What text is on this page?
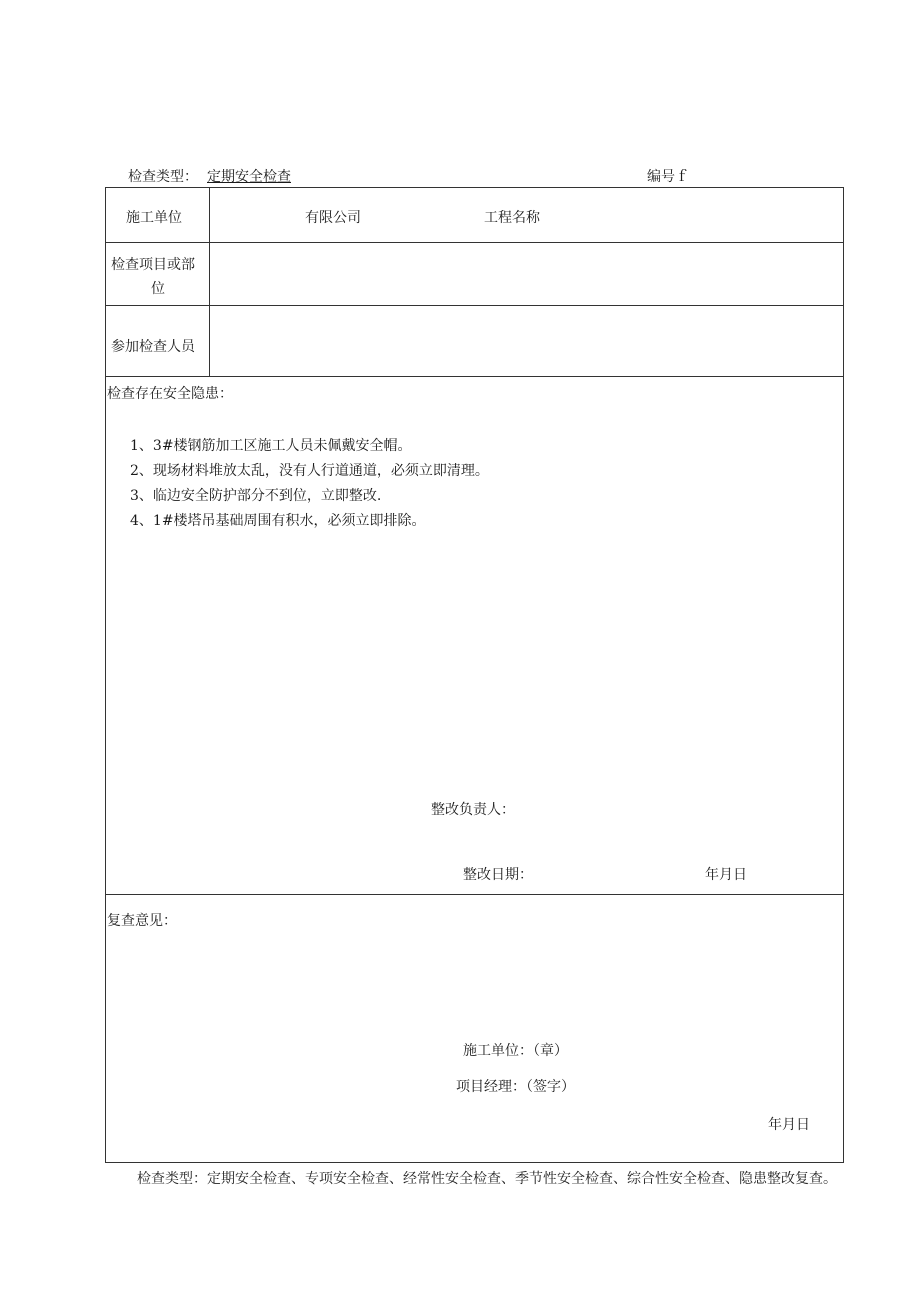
检查类型： 定期安全检查	编号ｆ
施工单位	有限公司	工程名称
检查项目或部
位
参加检查人员
检查存在安全隐患：
1、3#楼钢筋加工区施工人员未佩戴安全帽。
2、现场材料堆放太乱，没有人行道通道，必须立即清理。
3、临边安全防护部分不到位，立即整改.
4、1#楼塔吊基础周围有积水，必须立即排除。
整改负责人：
整改日期：	年月日
复查意见：
施工单位：（章）
项目经理：（签字）
年月日
检查类型：定期安全检查、专项安全检查、经常性安全检查、季节性安全检查、综合性安全检查、隐患整改复查。
